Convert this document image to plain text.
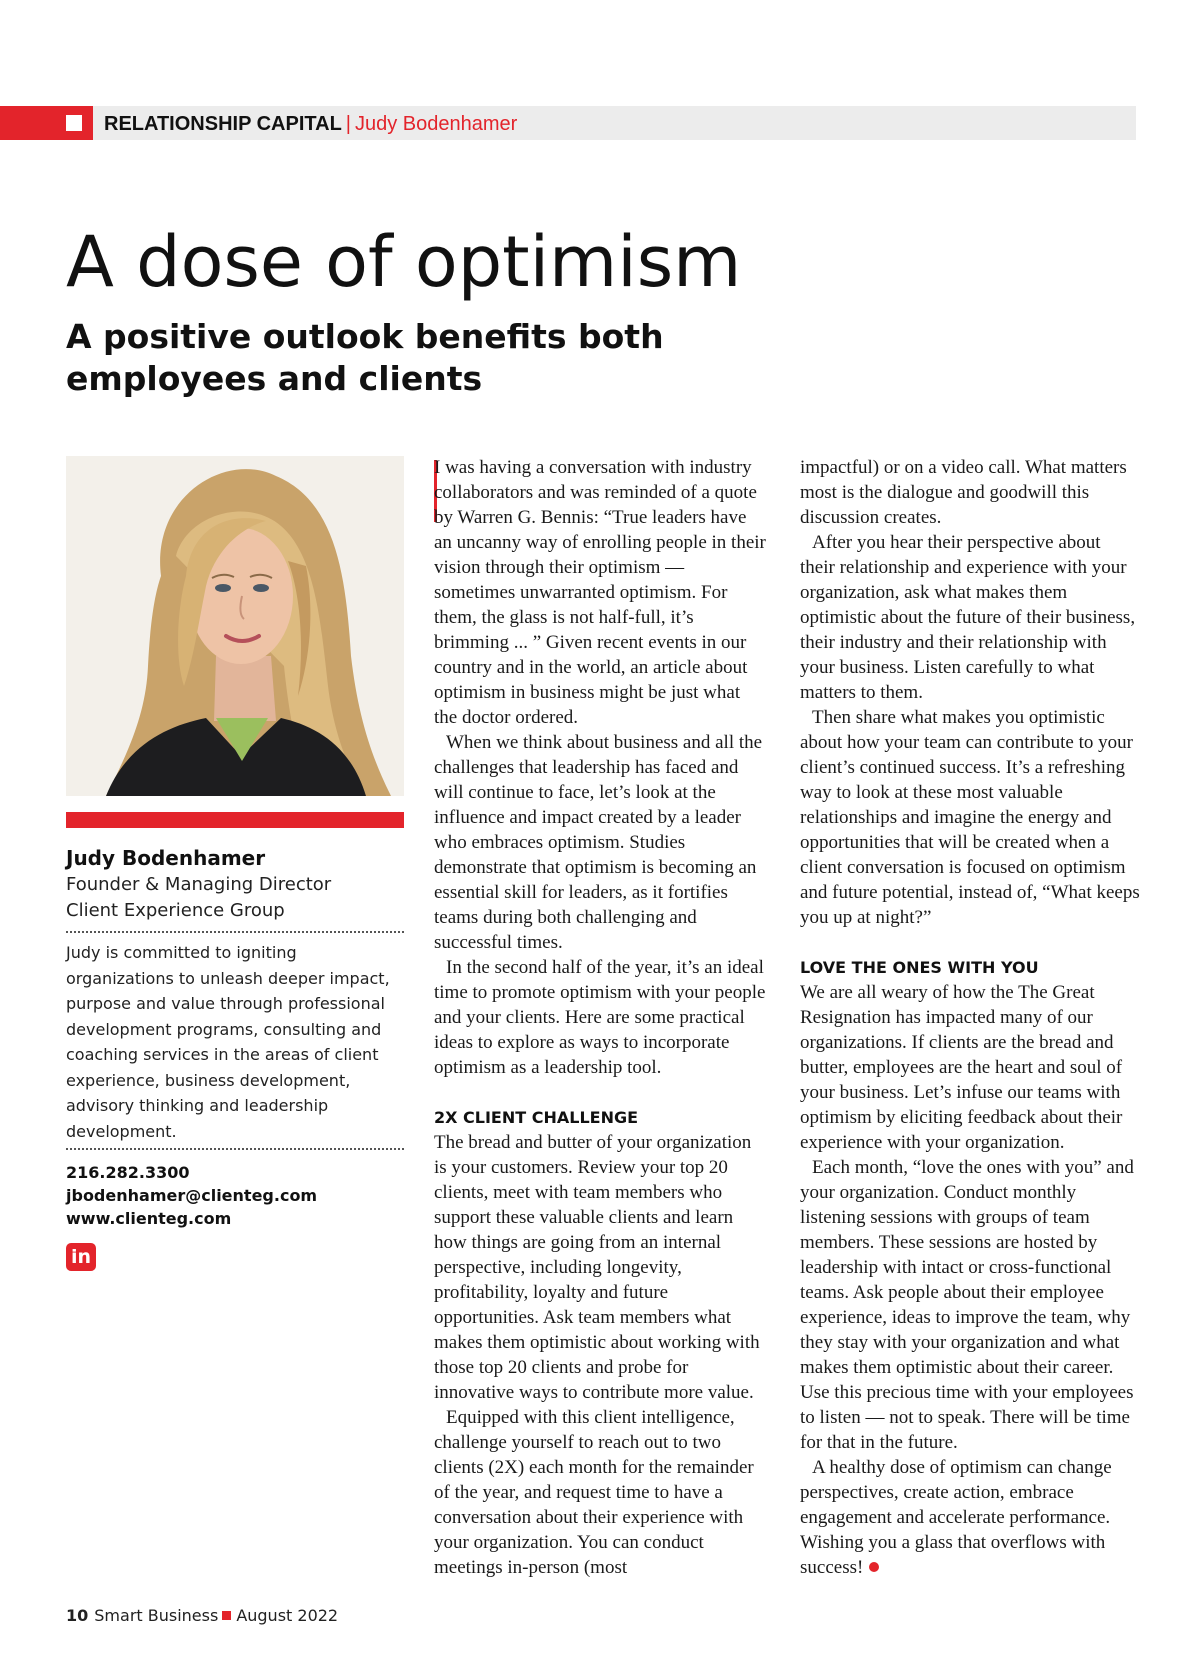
RELATIONSHIP CAPITAL | Judy Bodenhamer
A dose of optimism
A positive outlook benefits both employees and clients
Judy Bodenhamer
Founder & Managing Director
Client Experience Group

Judy is committed to igniting organizations to unleash deeper impact, purpose and value through professional development programs, consulting and coaching services in the areas of client experience, business development, advisory thinking and leadership development.

216.282.3300
jbodenhamer@clienteg.com
www.clienteg.com
in

I was having a conversation with industry collaborators and was reminded of a quote by Warren G. Bennis: “True leaders have an uncanny way of enrolling people in their vision through their optimism — sometimes unwarranted optimism. For them, the glass is not half-full, it’s brimming ... ” Given recent events in our country and in the world, an article about optimism in business might be just what the doctor ordered.

When we think about business and all the challenges that leadership has faced and will continue to face, let’s look at the influence and impact created by a leader who embraces optimism. Studies demonstrate that optimism is becoming an essential skill for leaders, as it fortifies teams during both challenging and successful times.

In the second half of the year, it’s an ideal time to promote optimism with your people and your clients. Here are some practical ideas to explore as ways to incorporate optimism as a leadership tool.

2X CLIENT CHALLENGE

The bread and butter of your organization is your customers. Review your top 20 clients, meet with team members who support these valuable clients and learn how things are going from an internal perspective, including longevity, profitability, loyalty and future opportunities. Ask team members what makes them optimistic about working with those top 20 clients and probe for innovative ways to contribute more value.

Equipped with this client intelligence, challenge yourself to reach out to two clients (2X) each month for the remainder of the year, and request time to have a conversation about their experience with your organization. You can conduct meetings in-person (most

impactful) or on a video call. What matters most is the dialogue and goodwill this discussion creates.

After you hear their perspective about their relationship and experience with your organization, ask what makes them optimistic about the future of their business, their industry and their relationship with your business. Listen carefully to what matters to them.

Then share what makes you optimistic about how your team can contribute to your client’s continued success. It’s a refreshing way to look at these most valuable relationships and imagine the energy and opportunities that will be created when a client conversation is focused on optimism and future potential, instead of, “What keeps you up at night?”

LOVE THE ONES WITH YOU

We are all weary of how the The Great Resignation has impacted many of our organizations. If clients are the bread and butter, employees are the heart and soul of your business. Let’s infuse our teams with optimism by eliciting feedback about their experience with your organization.

Each month, “love the ones with you” and your organization. Conduct monthly listening sessions with groups of team members. These sessions are hosted by leadership with intact or cross-functional teams. Ask people about their employee experience, ideas to improve the team, why they stay with your organization and what makes them optimistic about their career. Use this precious time with your employees to listen — not to speak. There will be time for that in the future.

A healthy dose of optimism can change perspectives, create action, embrace engagement and accelerate performance. Wishing you a glass that overflows with success!

10 Smart Business August 2022
